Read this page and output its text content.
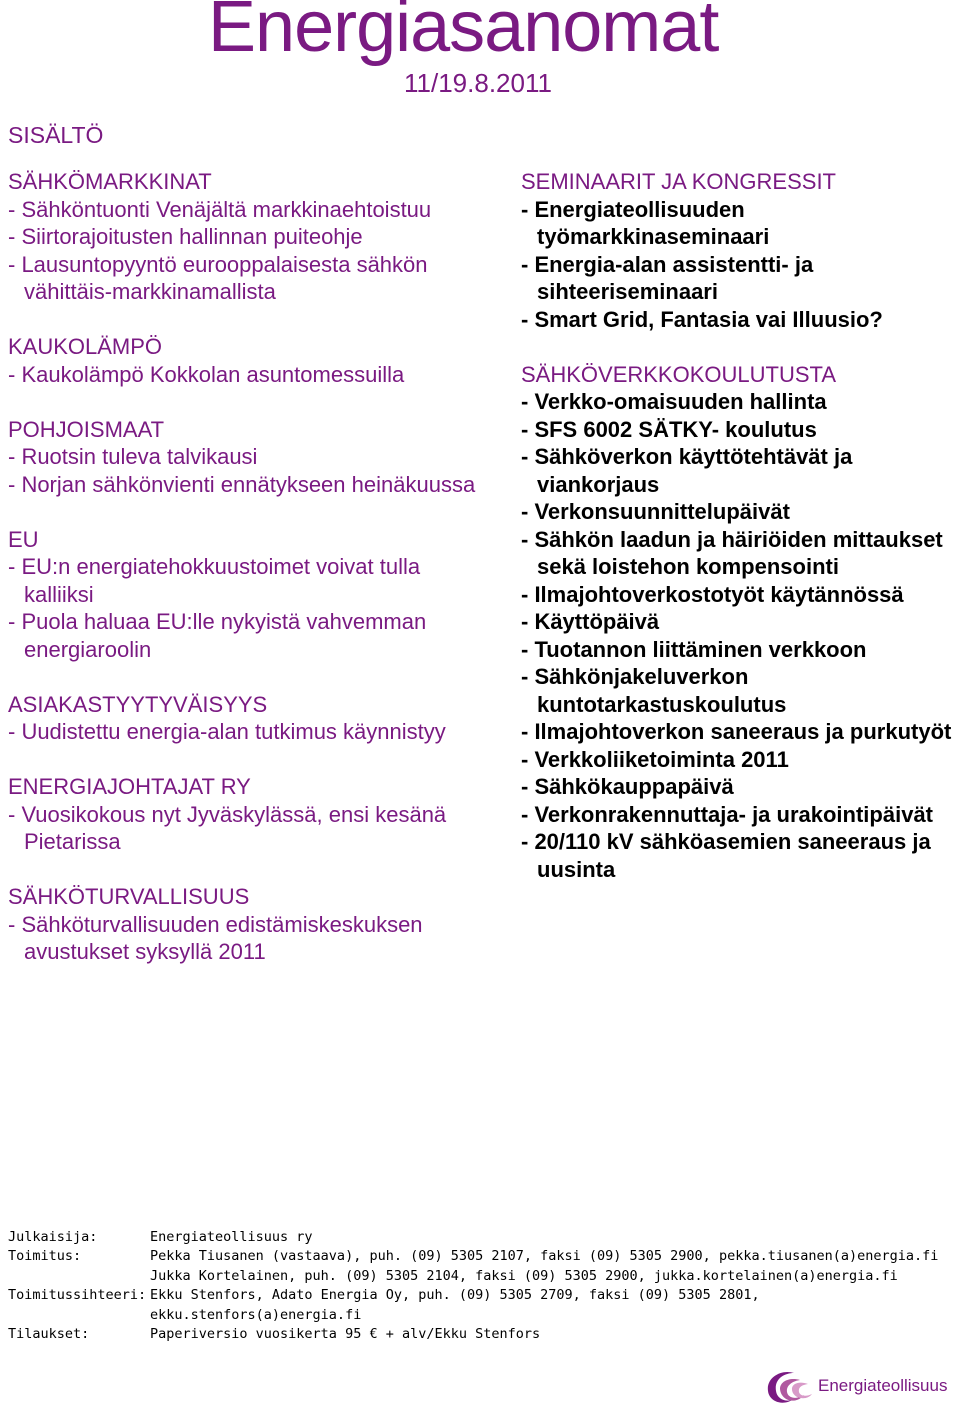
Energiasanomat
11/19.8.2011
SISÄLTÖ
SÄHKÖMARKKINAT
- Sähköntuonti Venäjältä markkinaehtoistuu
- Siirtorajoitusten hallinnan puiteohje
- Lausuntopyyntö eurooppalaisesta sähkön vähittäis-markkinamallista
KAUKOLÄMPÖ
- Kaukolämpö Kokkolan asuntomessuilla
POHJOISMAAT
- Ruotsin tuleva talvikausi
- Norjan sähkönvienti ennätykseen heinäkuussa
EU
- EU:n energiatehokkuustoimet voivat tulla kalliiksi
- Puola haluaa EU:lle nykyistä vahvemman energiaroolin
ASIAKASTYYTYVÄISYYS
- Uudistettu energia-alan tutkimus käynnistyy
ENERGIAJOHTAJAT RY
- Vuosikokous nyt Jyväskylässä, ensi kesänä Pietarissa
SÄHKÖTURVALLISUUS
- Sähköturvallisuuden edistämiskeskuksen avustukset syksyllä 2011
SEMINAARIT JA KONGRESSIT
- Energiateollisuuden työmarkkinaseminaari
- Energia-alan assistentti- ja sihteeriseminaari
- Smart Grid, Fantasia vai Illuusio?
SÄHKÖVERKKOKOULUTUSTA
- Verkko-omaisuuden hallinta
- SFS 6002 SÄTKY- koulutus
- Sähköverkon käyttötehtävät ja viankorjaus
- Verkonsuunnittelupäivät
- Sähkön laadun ja häiriöiden mittaukset sekä loistehon kompensointi
- Ilmajohtoverkostotyöt käytännössä
- Käyttöpäivä
- Tuotannon liittäminen verkkoon
- Sähkönjakeluverkon kuntotarkastuskoulutus
- Ilmajohtoverkon saneeraus ja purkutyöt
- Verkkoliiketoiminta 2011
- Sähkökauppapäivä
- Verkonrakennuttaja- ja urakointipäivät
- 20/110 kV sähköasemien saneeraus ja uusinta
Julkaisija:	Energiateollisuus ry
Toimitus:	Pekka Tiusanen (vastaava), puh. (09) 5305 2107, faksi (09) 5305 2900, pekka.tiusanen(a)energia.fi
Jukka Kortelainen, puh. (09) 5305 2104, faksi (09) 5305 2900, jukka.kortelainen(a)energia.fi
Toimitussihteeri: Ekku Stenfors, Adato Energia Oy, puh. (09) 5305 2709, faksi (09) 5305 2801,
ekku.stenfors(a)energia.fi
Tilaukset:	Paperiversio vuosikerta 95 € + alv/Ekku Stenfors
Energiateollisuus
